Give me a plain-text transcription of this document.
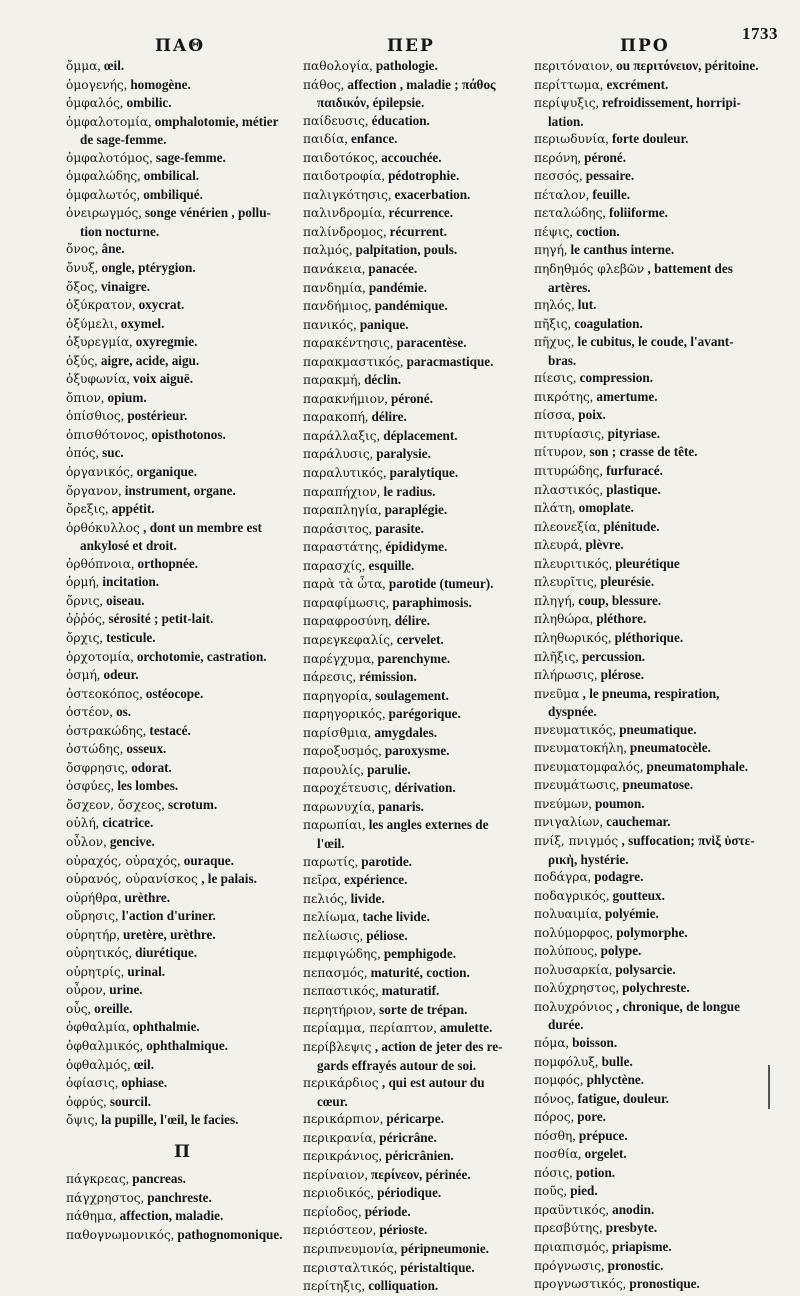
1733
ΠΑΘ	ΠΕΡ	ΠΡΟ
ὄμμα, œil.
ὁμογενής, homogène.
ὀμφαλός, ombilic.
ὀμφαλοτομία, omphalotomie, métier
de sage-femme.
ὀμφαλοτόμος, sage-femme.
ὀμφαλώδης, ombilical.
ὀμφαλωτός, ombiliqué.
ὀνειρωγμός, songe vénérien , pollu-
tion nocturne.
ὄνος, âne.
ὄνυξ, ongle, ptérygion.
ὄξος, vinaigre.
ὀξύκρατον, oxycrat.
ὀξύμελι, oxymel.
ὀξυρεγμία, oxyregmie.
ὀξύς, aigre, acide, aigu.
ὀξυφωνία, voix aiguë.
ὄπιον, opium.
ὀπίσθιος, postérieur.
ὀπισθότονος, opisthotonos.
ὀπός, suc.
ὀργανικός, organique.
ὄργανον, instrument, organe.
ὄρεξις, appétit.
ὀρθόκυλλος , dont un membre est
ankylosé et droit.
ὀρθόπνοια, orthopnée.
ὁρμή, incitation.
ὄρνις, oiseau.
ὀῤῥός, sérosité ; petit-lait.
ὄρχις, testicule.
ὀρχοτομία, orchotomie, castration.
ὀσμή, odeur.
ὀστεοκόπος, ostéocope.
ὀστέον, os.
ὀστρακώδης, testacé.
ὀστώδης, osseux.
ὄσφρησις, odorat.
ὀσφύες, les lombes.
ὄσχεον, ὄσχεος, scrotum.
οὐλή, cicatrice.
οὖλον, gencive.
οὐραχός, οὐραχός, ouraque.
οὐρανός, οὐρανίσκος , le palais.
οὐρήθρα, urèthre.
οὔρησις, l'action d'uriner.
οὐρητήρ, uretère, urèthre.
οὐρητικός, diurétique.
οὐρητρίς, urinal.
οὖρον, urine.
οὖς, oreille.
ὀφθαλμία, ophthalmie.
ὀφθαλμικός, ophthalmique.
ὀφθαλμός, œil.
ὀφίασις, ophiase.
ὀφρύς, sourcil.
ὄψις, la pupille, l'œil, le facies.
Π
πάγκρεας, pancreas.
πάγχρηστος, panchreste.
πάθημα, affection, maladie.
παθογνωμονικός, pathognomonique.
παθολογία, pathologie.
πάθος, affection , maladie ; πάθος
παιδικόν, épilepsie.
παίδευσις, éducation.
παιδία, enfance.
παιδοτόκος, accouchée.
παιδοτροφία, pédotrophie.
παλιγκότησις, exacerbation.
παλινδρομία, récurrence.
παλίνδρομος, récurrent.
παλμός, palpitation, pouls.
πανάκεια, panacée.
πανδημία, pandémie.
πανδήμιος, pandémique.
πανικός, panique.
παρακέντησις, paracentèse.
παρακμαστικός, paracmastique.
παρακμή, déclin.
παρακνήμιον, péroné.
παρακοπή, délire.
παράλλαξις, déplacement.
παράλυσις, paralysie.
παραλυτικός, paralytique.
παραπήχιον, le radius.
παραπληγία, paraplégie.
παράσιτος, parasite.
παραστάτης, épididyme.
παρασχίς, esquille.
παρὰ τὰ ὦτα, parotide (tumeur).
παραφίμωσις, paraphimosis.
παραφροσύνη, délire.
παρεγκεφαλίς, cervelet.
παρέγχυμα, parenchyme.
πάρεσις, rémission.
παρηγορία, soulagement.
παρηγορικός, parégorique.
παρίσθμια, amygdales.
παροξυσμός, paroxysme.
παρουλίς, parulie.
παροχέτευσις, dérivation.
παρωνυχία, panaris.
παρωπίαι, les angles externes de
l'œil.
παρωτίς, parotide.
πεῖρα, expérience.
πελιός, livide.
πελίωμα, tache livide.
πελίωσις, péliose.
πεμφιγώδης, pemphigode.
πεπασμός, maturité, coction.
πεπαστικός, maturatif.
περητήριον, sorte de trépan.
περίαμμα, περίαπτον, amulette.
περίβλεψις , action de jeter des re-
gards effrayés autour de soi.
περικάρδιος , qui est autour du
cœur.
περικάρπιον, péricarpe.
περικρανία, péricrâne.
περικράνιος, péricrânien.
περίναιον, περίνεον, périnée.
περιοδικός, périodique.
περίοδος, période.
περιόστεον, périoste.
περιπνευμονία, péripneumonie.
περισταλτικός, péristaltique.
περίτηξις, colliquation.
περιτόναιον, ou περιτόνειον, péritoine.
περίττωμα, excrément.
περίψυξις, refroidissement, horripi-
lation.
περιωδυνία, forte douleur.
περόνη, péroné.
πεσσός, pessaire.
πέταλον, feuille.
πεταλώδης, foliiforme.
πέψις, coction.
πηγή, le canthus interne.
πηδηθμός φλεβῶν , battement des
artères.
πηλός, lut.
πῆξις, coagulation.
πῆχυς, le cubitus, le coude, l'avant-
bras.
πίεσις, compression.
πικρότης, amertume.
πίσσα, poix.
πιτυρίασις, pityriase.
πίτυρον, son ; crasse de tête.
πιτυρώδης, furfuracé.
πλαστικός, plastique.
πλάτη, omoplate.
πλεονεξία, plénitude.
πλευρά, plèvre.
πλευριτικός, pleurétique
πλευρῖτις, pleurésie.
πληγή, coup, blessure.
πληθώρα, pléthore.
πληθωρικός, pléthorique.
πλῆξις, percussion.
πλήρωσις, plérose.
πνεῦμα , le pneuma, respiration,
dyspnée.
πνευματικός, pneumatique.
πνευματοκήλη, pneumatocèle.
πνευματομφαλός, pneumatomphale.
πνευμάτωσις, pneumatose.
πνεύμων, poumon.
πνιγαλίων, cauchemar.
πνίξ, πνιγμός , suffocation; πνὶξ ὑστε-
ρικὴ, hystérie.
ποδάγρα, podagre.
ποδαγρικός, goutteux.
πολυαιμία, polyémie.
πολύμορφος, polymorphe.
πολύπους, polype.
πολυσαρκία, polysarcie.
πολύχρηστος, polychreste.
πολυχρόνιος , chronique, de longue
durée.
πόμα, boisson.
πομφόλυξ, bulle.
πομφός, phlyctène.
πόνος, fatigue, douleur.
πόρος, pore.
πόσθη, prépuce.
ποσθία, orgelet.
πόσις, potion.
ποῦς, pied.
πραϋντικός, anodin.
πρεσβύτης, presbyte.
πριαπισμός, priapisme.
πρόγνωσις, pronostic.
προγνωστικός, pronostique.
